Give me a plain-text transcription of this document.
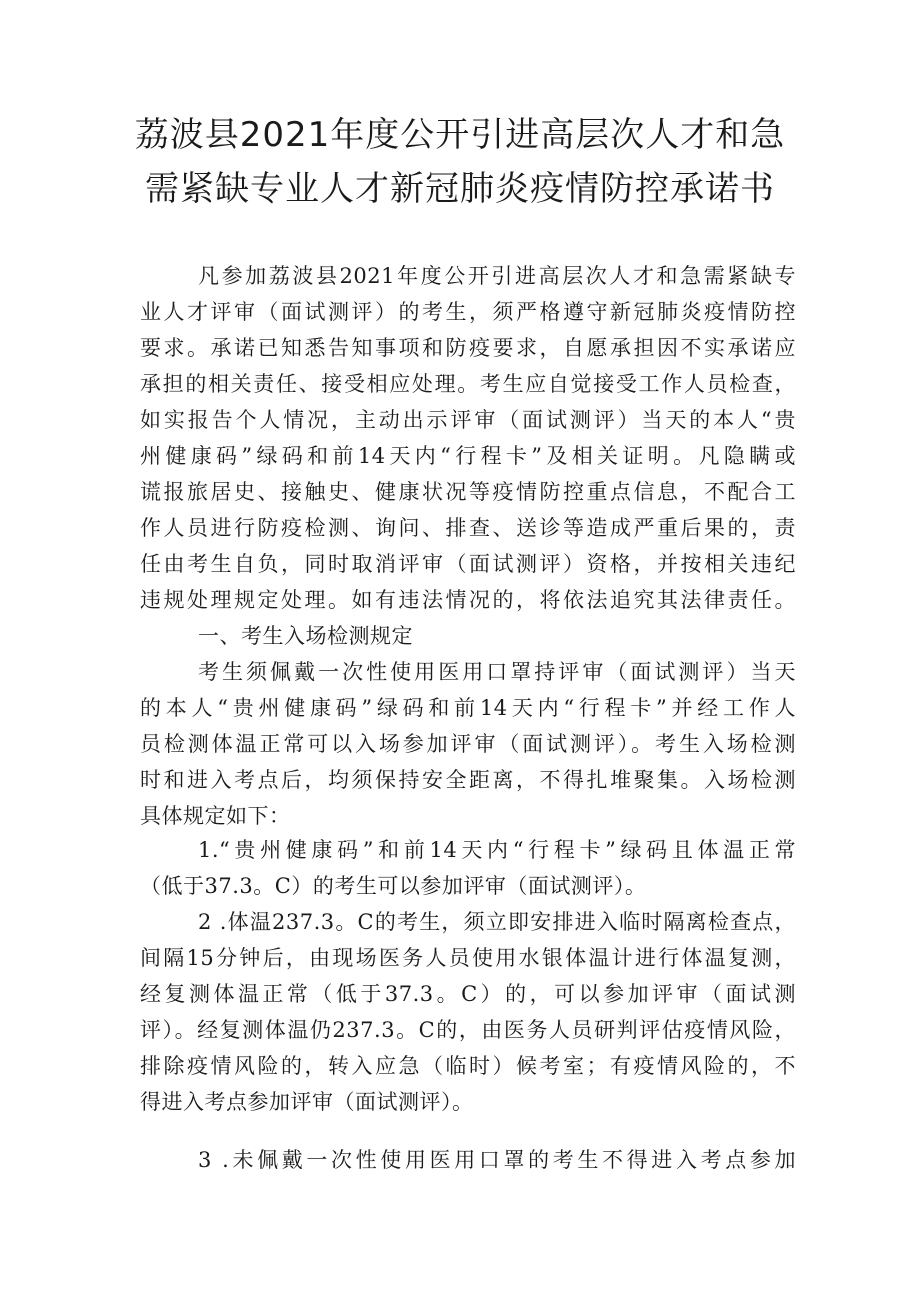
荔波县2021年度公开引进高层次人才和急
需紧缺专业人才新冠肺炎疫情防控承诺书

凡参加荔波县2021年度公开引进高层次人才和急需紧缺专

业人才评审（面试测评）的考生，须严格遵守新冠肺炎疫情防控

要求。承诺已知悉告知事项和防疫要求，自愿承担因不实承诺应

承担的相关责任、接受相应处理。考生应自觉接受工作人员检查，

如实报告个人情况，主动出示评审（面试测评）当天的本人“贵

州健康码”绿码和前14天内“行程卡”及相关证明。凡隐瞒或

谎报旅居史、接触史、健康状况等疫情防控重点信息，不配合工

作人员进行防疫检测、询问、排查、送诊等造成严重后果的，责

任由考生自负，同时取消评审（面试测评）资格，并按相关违纪

违规处理规定处理。如有违法情况的，将依法追究其法律责任。

一、考生入场检测规定

考生须佩戴一次性使用医用口罩持评审（面试测评）当天

的本人“贵州健康码”绿码和前14天内“行程卡”并经工作人

员检测体温正常可以入场参加评审（面试测评）。考生入场检测

时和进入考点后，均须保持安全距离，不得扎堆聚集。入场检测

具体规定如下：

1.“贵州健康码”和前14天内“行程卡”绿码且体温正常

（低于37.3。C）的考生可以参加评审（面试测评）。

2 .体温237.3。C的考生，须立即安排进入临时隔离检查点，

间隔15分钟后，由现场医务人员使用水银体温计进行体温复测，

经复测体温正常（低于37.3。C）的，可以参加评审（面试测

评）。经复测体温仍237.3。C的，由医务人员研判评估疫情风险，

排除疫情风险的，转入应急（临时）候考室；有疫情风险的，不

得进入考点参加评审（面试测评）。

3 .未佩戴一次性使用医用口罩的考生不得进入考点参加
